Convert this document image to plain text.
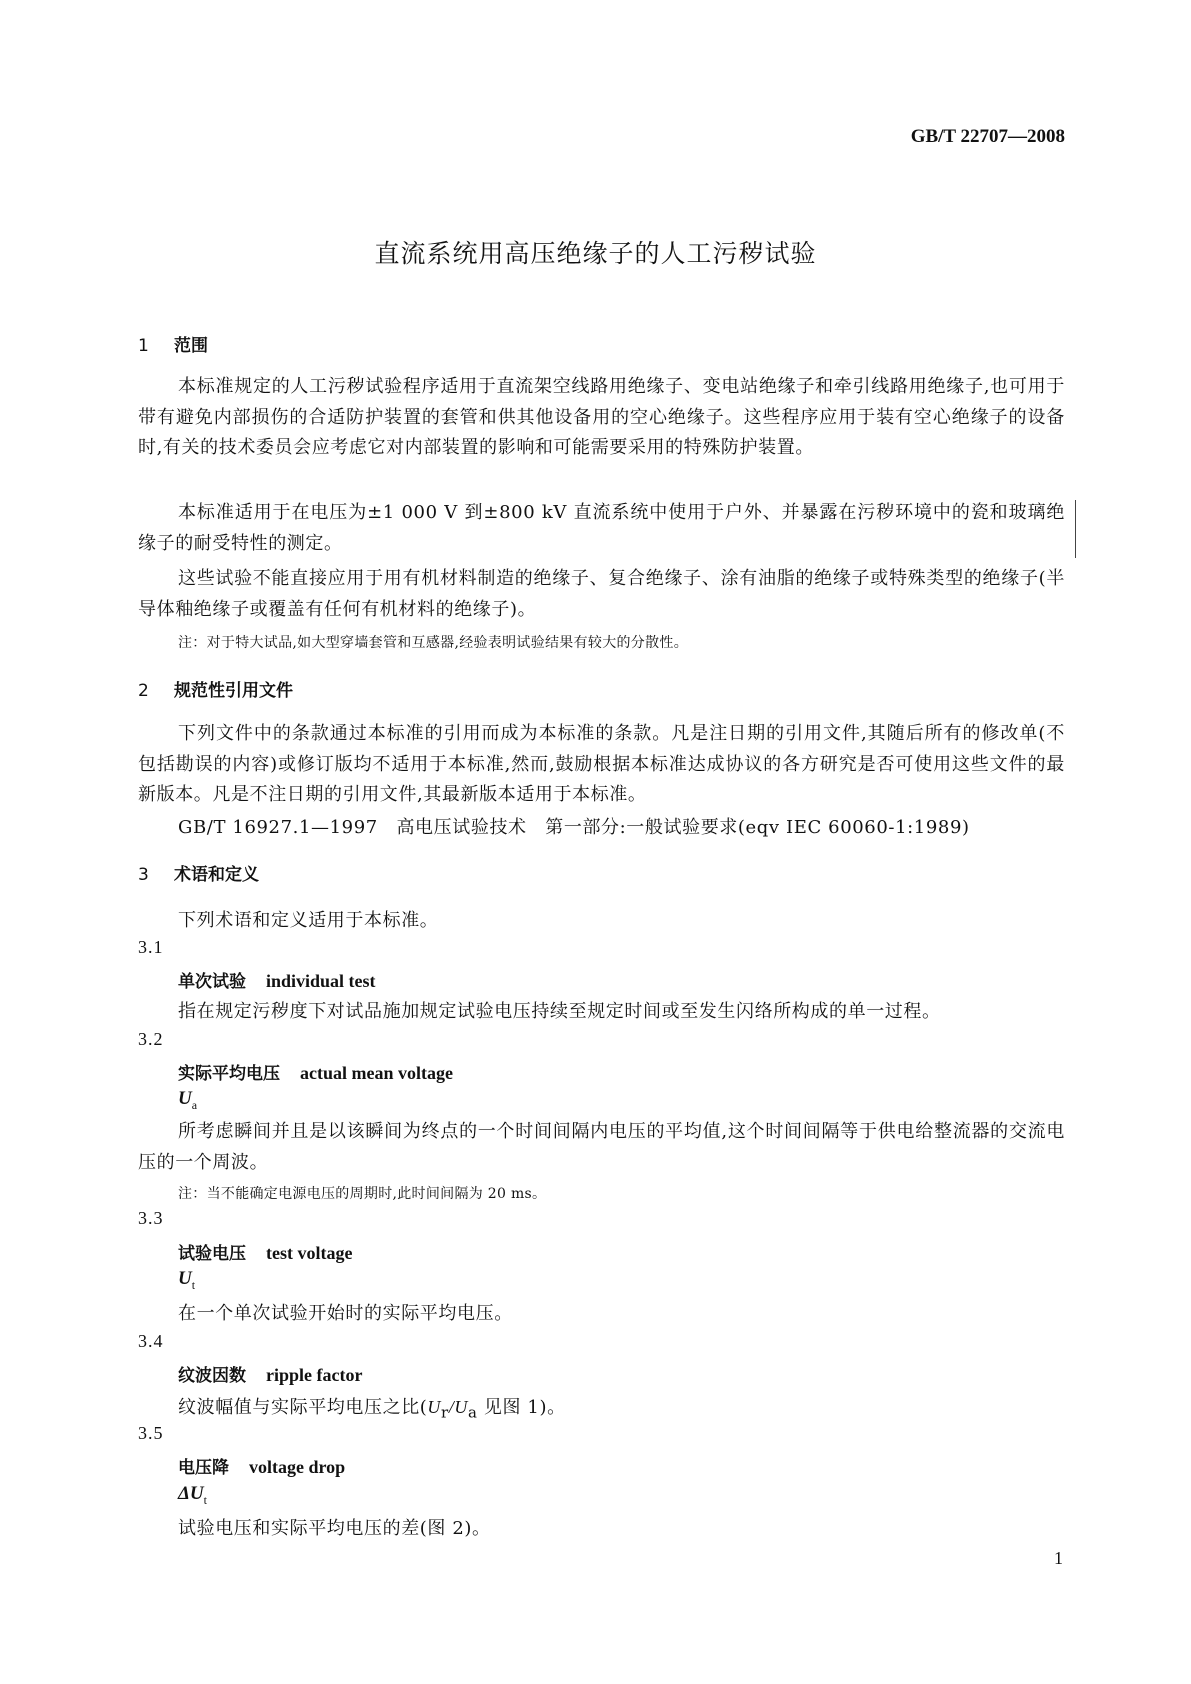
GB/T 22707—2008
直流系统用高压绝缘子的人工污秽试验
1 范围
本标准规定的人工污秽试验程序适用于直流架空线路用绝缘子、变电站绝缘子和牵引线路用绝缘子,也可用于带有避免内部损伤的合适防护装置的套管和供其他设备用的空心绝缘子。这些程序应用于装有空心绝缘子的设备时,有关的技术委员会应考虑它对内部装置的影响和可能需要采用的特殊防护装置。
本标准适用于在电压为±1 000 V 到±800 kV 直流系统中使用于户外、并暴露在污秽环境中的瓷和玻璃绝缘子的耐受特性的测定。
这些试验不能直接应用于用有机材料制造的绝缘子、复合绝缘子、涂有油脂的绝缘子或特殊类型的绝缘子(半导体釉绝缘子或覆盖有任何有机材料的绝缘子)。
注：对于特大试品,如大型穿墙套管和互感器,经验表明试验结果有较大的分散性。
2 规范性引用文件
下列文件中的条款通过本标准的引用而成为本标准的条款。凡是注日期的引用文件,其随后所有的修改单(不包括勘误的内容)或修订版均不适用于本标准,然而,鼓励根据本标准达成协议的各方研究是否可使用这些文件的最新版本。凡是不注日期的引用文件,其最新版本适用于本标准。
GB/T 16927.1—1997　高电压试验技术　第一部分:一般试验要求(eqv IEC 60060-1:1989)
3 术语和定义
下列术语和定义适用于本标准。
3.1
单次试验 individual test
指在规定污秽度下对试品施加规定试验电压持续至规定时间或至发生闪络所构成的单一过程。
3.2
实际平均电压 actual mean voltage
$U_a$
所考虑瞬间并且是以该瞬间为终点的一个时间间隔内电压的平均值,这个时间间隔等于供电给整流器的交流电压的一个周波。
注：当不能确定电源电压的周期时,此时间间隔为 20 ms。
3.3
试验电压 test voltage
$U_t$
在一个单次试验开始时的实际平均电压。
3.4
纹波因数 ripple factor
纹波幅值与实际平均电压之比($U_r/U_a$ 见图 1)。
3.5
电压降 voltage drop
$\Delta U_t$
试验电压和实际平均电压的差(图 2)。
1
